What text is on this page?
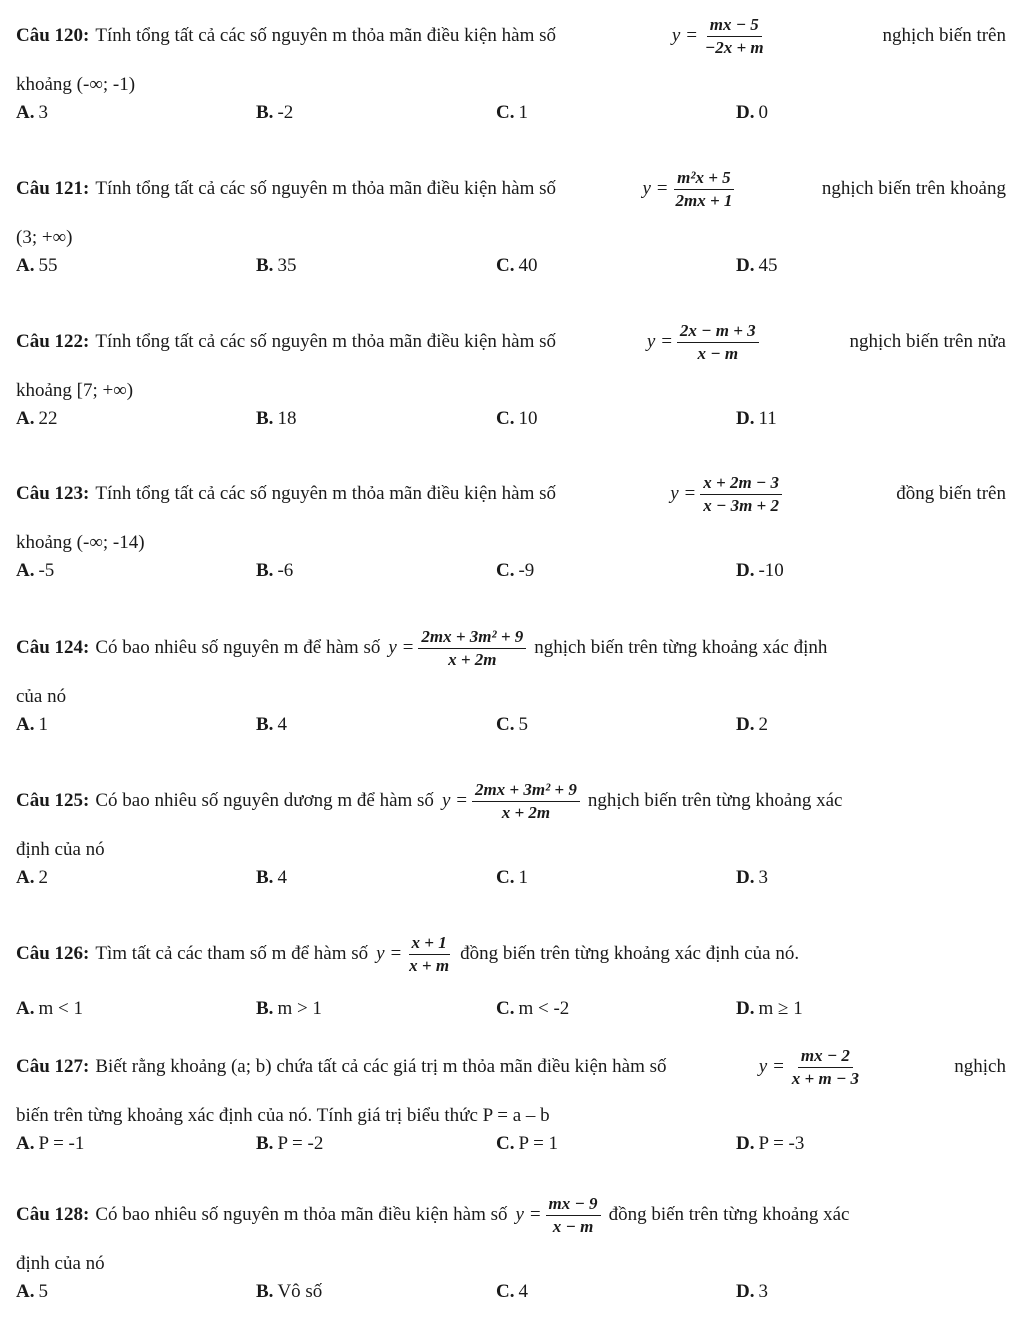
Câu 120: Tính tổng tất cả các số nguyên m thỏa mãn điều kiện hàm số	$y = \frac{mx - 5}{-2x + m}$	nghịch biến trên
khoảng (-∞; -1)
A. 3	B. -2	C. 1	D. 0
Câu 121: Tính tổng tất cả các số nguyên m thỏa mãn điều kiện hàm số	$y = \frac{\text{m²x + 5}}{2mx + 1}$	nghịch biến trên khoảng
(3; +∞)
A. 55	B. 35	C. 40	D. 45
Câu 122: Tính tổng tất cả các số nguyên m thỏa mãn điều kiện hàm số	$y = \frac{2x - m + 3}{x - m}$	nghịch biến trên nửa
khoảng [7; +∞)
A. 22	B. 18	C. 10	D. 11
Câu 123: Tính tổng tất cả các số nguyên m thỏa mãn điều kiện hàm số	$y = \frac{x + 2m - 3}{x - 3m + 2}$	đồng biến trên
khoảng (-∞; -14)
A. -5	B. -6	C. -9	D. -10
Câu 124: Có bao nhiêu số nguyên m để hàm số $y = \frac{\text{2mx + 3m² + 9}}{x + 2m}$ nghịch biến trên từng khoảng xác định
của nó
A. 1	B. 4	C. 5	D. 2
Câu 125: Có bao nhiêu số nguyên dương m để hàm số $y = \frac{\text{2mx + 3m² + 9}}{x + 2m}$ nghịch biến trên từng khoảng xác
định của nó
A. 2	B. 4	C. 1	D. 3
Câu 126: Tìm tất cả các tham số m để hàm số $y = \frac{x + 1}{x + m}$ đồng biến trên từng khoảng xác định của nó.
A. m < 1	B. m > 1	C. m < -2	D. m ≥ 1
Câu 127: Biết rằng khoảng (a; b) chứa tất cả các giá trị m thỏa mãn điều kiện hàm số	$y = \frac{mx - 2}{x + m - 3}$	nghịch
biến trên từng khoảng xác định của nó. Tính giá trị biểu thức P = a – b
A. P = -1	B. P = -2	C. P = 1	D. P = -3
Câu 128: Có bao nhiêu số nguyên m thỏa mãn điều kiện hàm số $y = \frac{mx - 9}{x - m}$ đồng biến trên từng khoảng xác
định của nó
A. 5	B. Vô số	C. 4	D. 3
